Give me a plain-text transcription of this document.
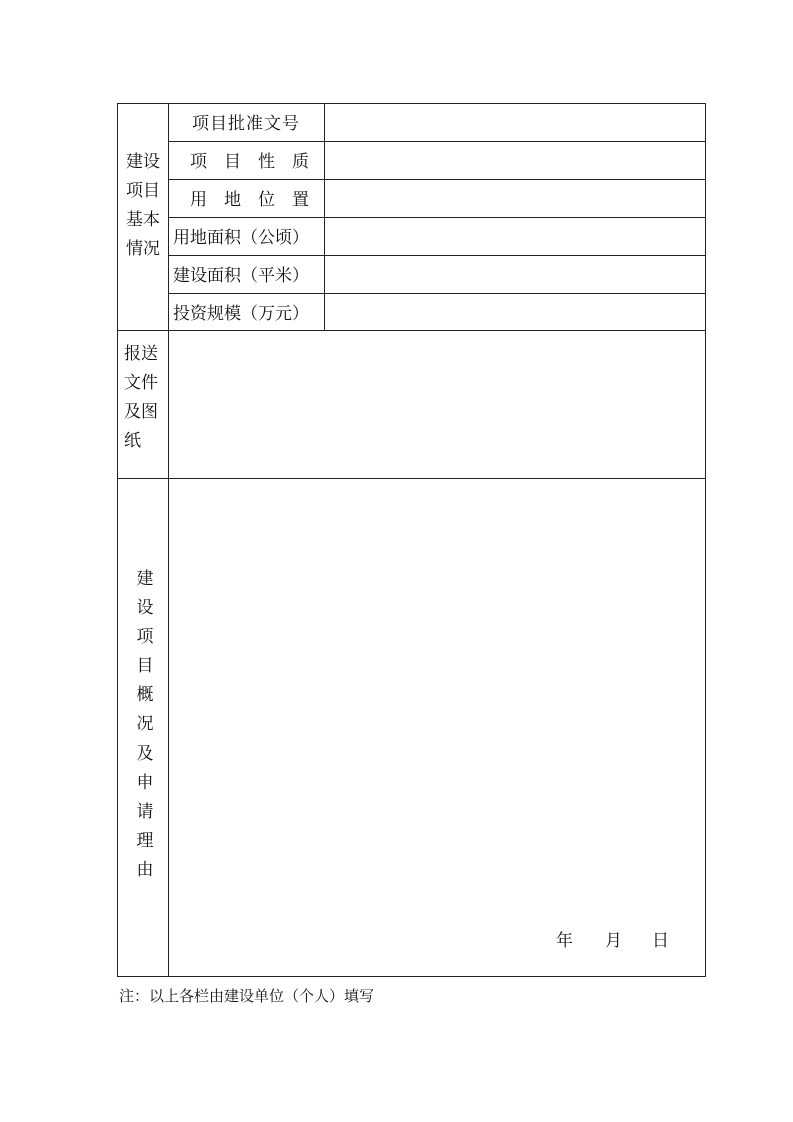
建设
项目
基本
情况
项目批准文号
项　目　性　质
用　地　位　置
用地面积（公顷）
建设面积（平米）
投资规模（万元）
报送
文件
及图
纸
建
设
项
目
概
况
及
申
请
理
由
年 月 日
注：以上各栏由建设单位（个人）填写
